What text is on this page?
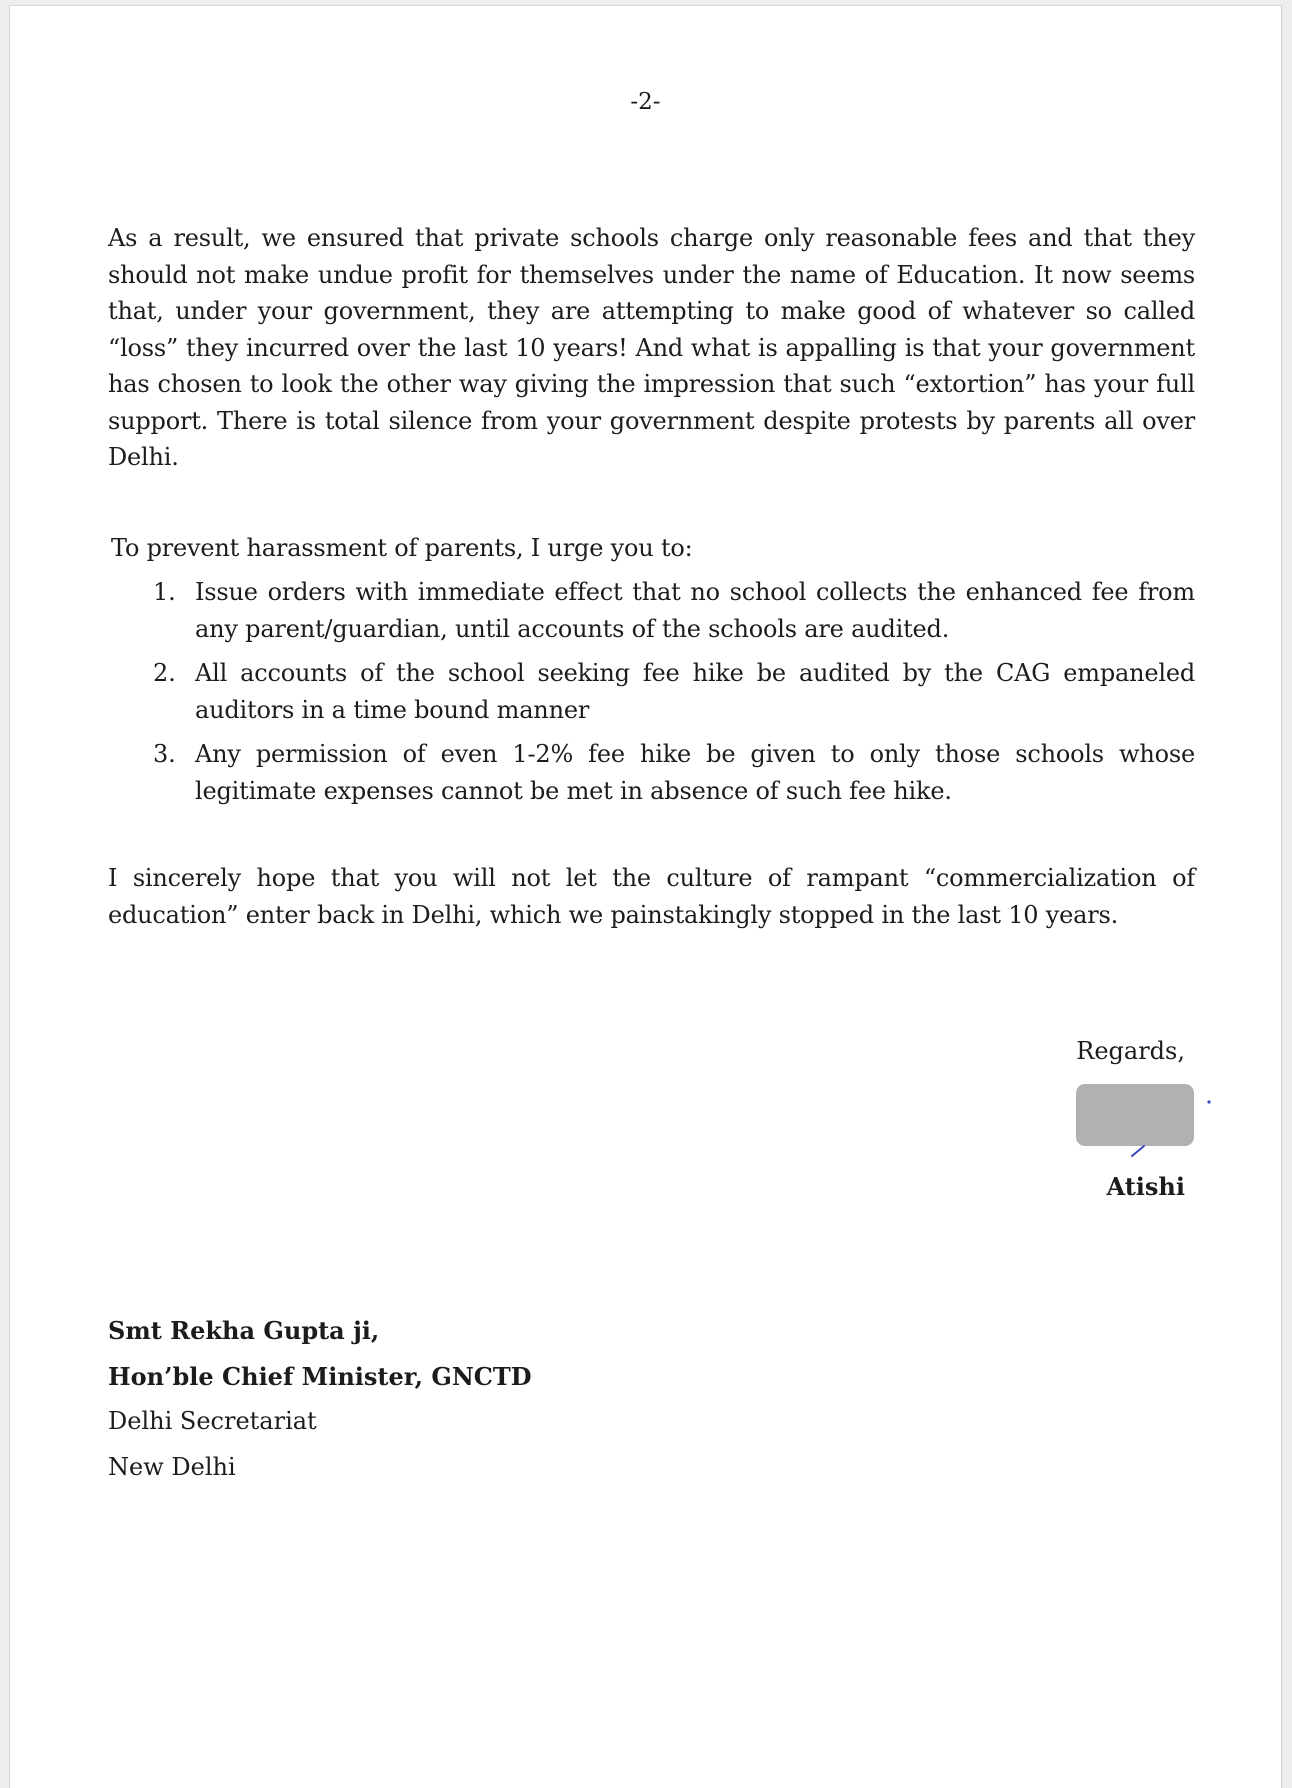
-2-

As a result, we ensured that private schools charge only reasonable fees and that they should not make undue profit for themselves under the name of Education. It now seems that, under your government, they are attempting to make good of whatever so called “loss” they incurred over the last 10 years! And what is appalling is that your government has chosen to look the other way giving the impression that such “extortion” has your full support. There is total silence from your government despite protests by parents all over Delhi.

To prevent harassment of parents, I urge you to:

1. Issue orders with immediate effect that no school collects the enhanced fee from any parent/guardian, until accounts of the schools are audited.
2. All accounts of the school seeking fee hike be audited by the CAG empaneled auditors in a time bound manner
3. Any permission of even 1-2% fee hike be given to only those schools whose legitimate expenses cannot be met in absence of such fee hike.

I sincerely hope that you will not let the culture of rampant “commercialization of education” enter back in Delhi, which we painstakingly stopped in the last 10 years.

Regards,

Atishi

Smt Rekha Gupta ji,

Hon’ble Chief Minister, GNCTD

Delhi Secretariat

New Delhi
